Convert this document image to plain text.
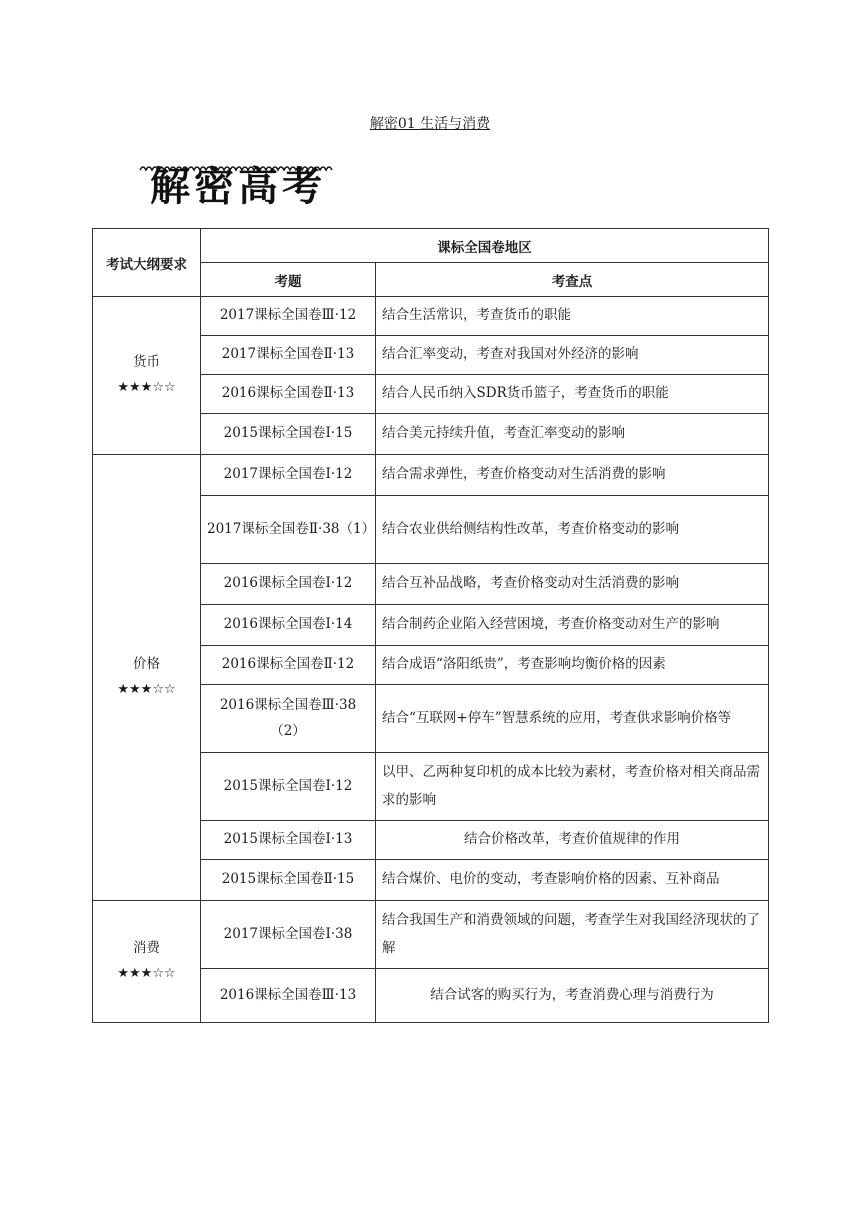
解密01 生活与消费
解密高考
考试大纲要求	课标全国卷地区	
	考题	考查点

货币
★★★☆☆	2017课标全国卷Ⅲ·12	结合生活常识，考查货币的职能
	2017课标全国卷Ⅱ·13	结合汇率变动，考查对我国对外经济的影响
	2016课标全国卷Ⅱ·13	结合人民币纳入SDR货币篮子，考查货币的职能
	2015课标全国卷Ⅰ·15	结合美元持续升值，考查汇率变动的影响

价格
★★★☆☆	2017课标全国卷Ⅰ·12	结合需求弹性，考查价格变动对生活消费的影响
	2017课标全国卷Ⅱ·38（1）	结合农业供给侧结构性改革，考查价格变动的影响
	2016课标全国卷Ⅰ·12	结合互补品战略，考查价格变动对生活消费的影响
	2016课标全国卷Ⅰ·14	结合制药企业陷入经营困境，考查价格变动对生产的影响
	2016课标全国卷Ⅱ·12	结合成语“洛阳纸贵”，考查影响均衡价格的因素
	2016课标全国卷Ⅲ·38（2）	结合“互联网+停车”智慧系统的应用，考查供求影响价格等
	2015课标全国卷Ⅰ·12	以甲、乙两种复印机的成本比较为素材，考查价格对相关商品需求的影响
	2015课标全国卷Ⅰ·13	结合价格改革，考查价值规律的作用
	2015课标全国卷Ⅱ·15	结合煤价、电价的变动，考查影响价格的因素、互补商品

消费
★★★☆☆	2017课标全国卷Ⅰ·38	结合我国生产和消费领域的问题，考查学生对我国经济现状的了解
	2016课标全国卷Ⅲ·13	结合试客的购买行为，考查消费心理与消费行为
